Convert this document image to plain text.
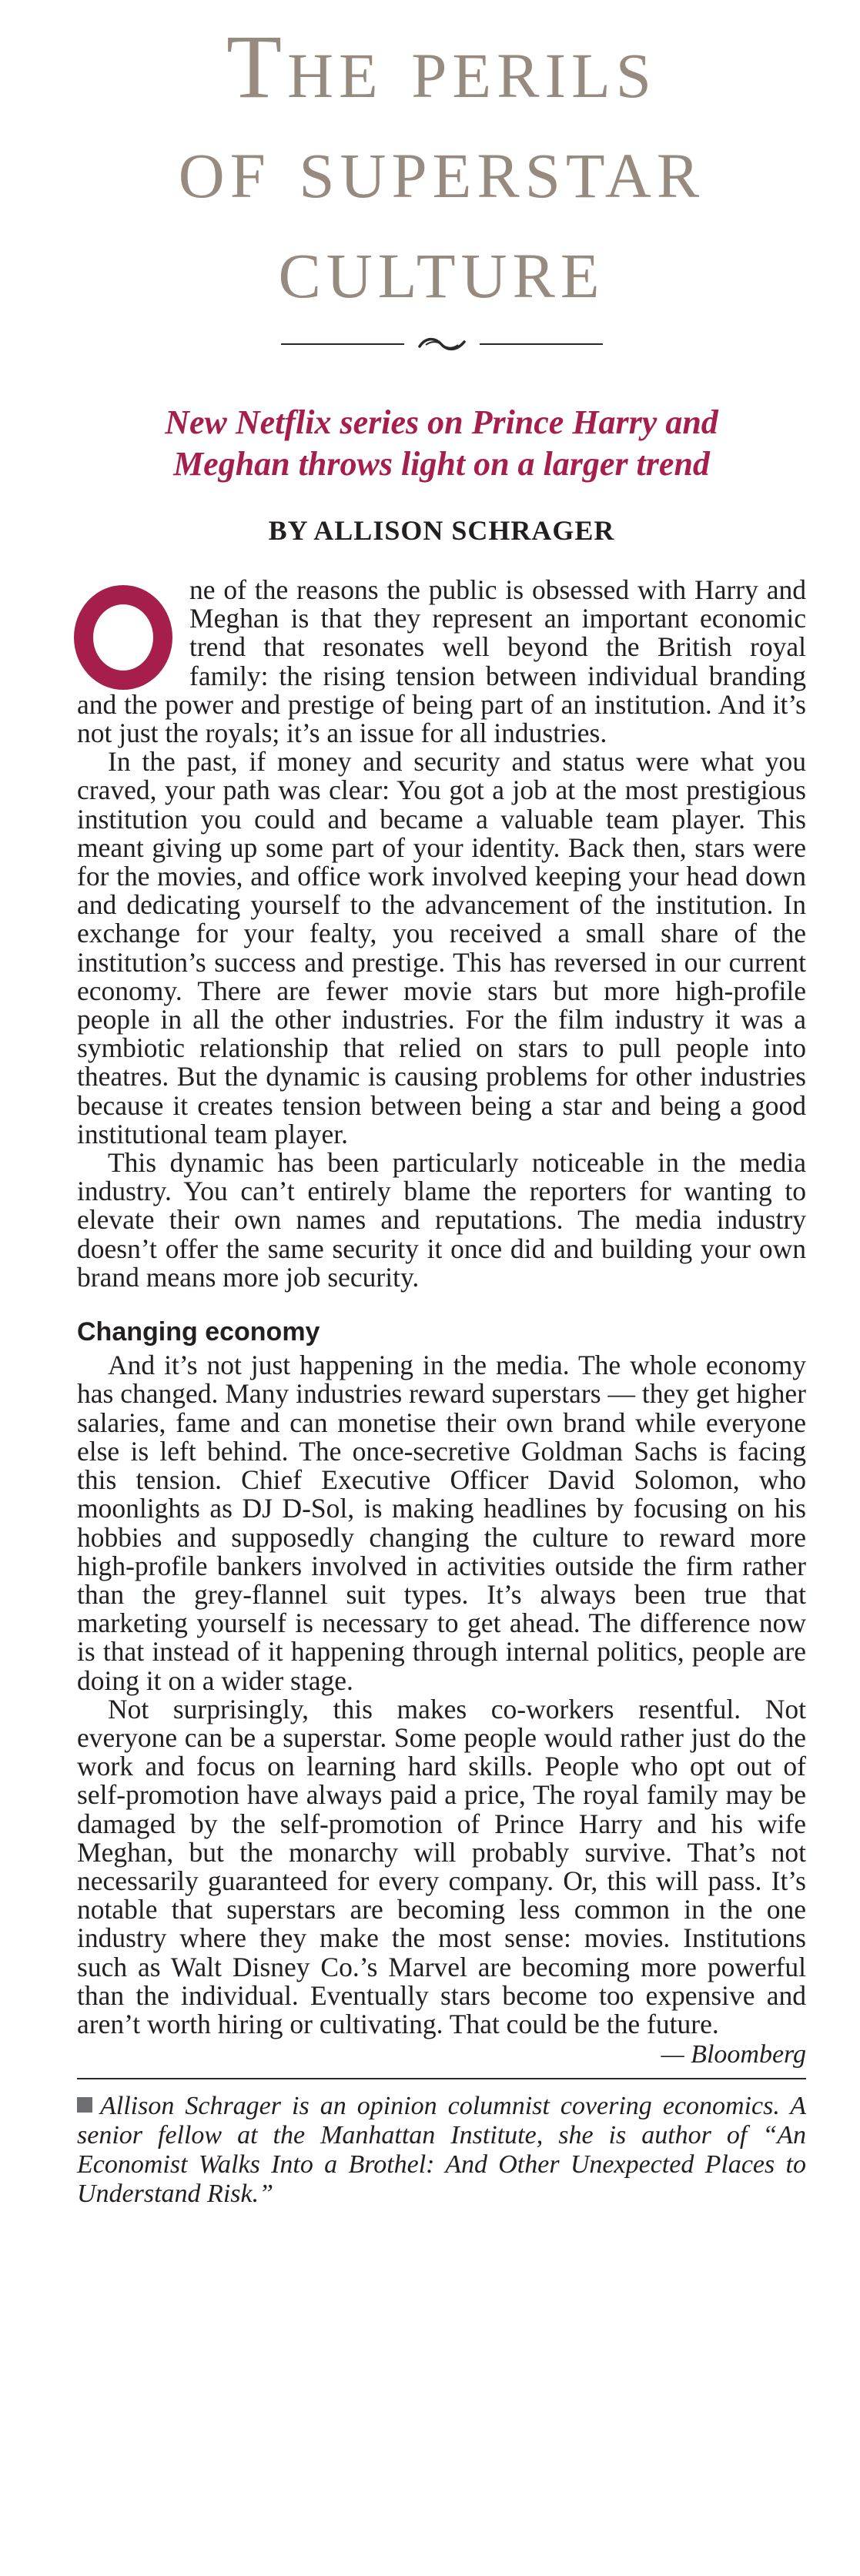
The perils
of superstar
culture
New Netflix series on Prince Harry and
Meghan throws light on a larger trend
BY ALLISON SCHRAGER

ne of the reasons the public is obsessed with Harry and Meghan is that they represent an important economic trend that resonates well beyond the British royal family: the rising tension between individual branding and the power and prestige of being part of an institution. And it’s not just the royals; it’s an issue for all industries.

In the past, if money and security and status were what you craved, your path was clear: You got a job at the most prestigious institution you could and became a valuable team player. This meant giving up some part of your identity. Back then, stars were for the movies, and office work involved keeping your head down and dedicating yourself to the advancement of the institution. In exchange for your fealty, you received a small share of the institution’s success and prestige. This has reversed in our current economy. There are fewer movie stars but more high-profile people in all the other industries. For the film industry it was a symbiotic relationship that relied on stars to pull people into theatres. But the dynamic is causing problems for other industries because it creates tension between being a star and being a good institutional team player.

This dynamic has been particularly noticeable in the media industry. You can’t entirely blame the reporters for wanting to elevate their own names and reputations. The media industry doesn’t offer the same security it once did and building your own brand means more job security.

Changing economy

And it’s not just happening in the media. The whole economy has changed. Many industries reward superstars — they get higher salaries, fame and can monetise their own brand while everyone else is left behind. The once-secretive Goldman Sachs is facing this tension. Chief Executive Officer David Solomon, who moonlights as DJ D-Sol, is making headlines by focusing on his hobbies and supposedly changing the culture to reward more high-profile bankers involved in activities outside the firm rather than the grey-flannel suit types. It’s always been true that marketing yourself is necessary to get ahead. The difference now is that instead of it happening through internal politics, people are doing it on a wider stage.

Not surprisingly, this makes co-workers resentful. Not everyone can be a superstar. Some people would rather just do the work and focus on learning hard skills. People who opt out of self-promotion have always paid a price, The royal family may be damaged by the self-promotion of Prince Harry and his wife Meghan, but the monarchy will probably survive. That’s not necessarily guaranteed for every company. Or, this will pass. It’s notable that superstars are becoming less common in the one industry where they make the most sense: movies. Institutions such as Walt Disney Co.’s Marvel are becoming more powerful than the individual. Eventually stars become too expensive and aren’t worth hiring or cultivating. That could be the future.

— Bloomberg
Allison Schrager is an opinion columnist covering economics. A senior fellow at the Manhattan Institute, she is author of “An Economist Walks Into a Brothel: And Other Unexpected Places to Understand Risk.”
